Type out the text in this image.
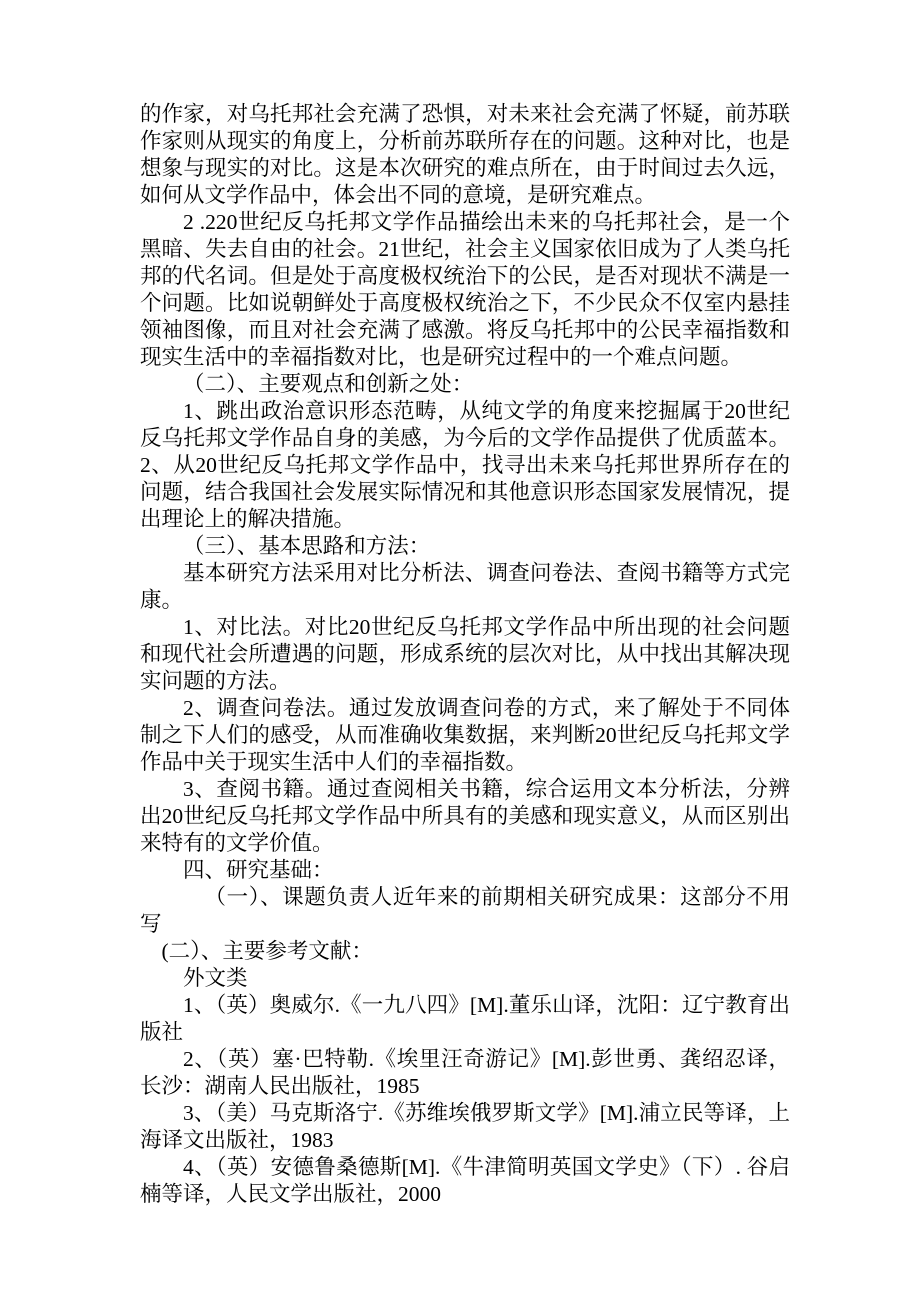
的作家，对乌托邦社会充满了恐惧，对未来社会充满了怀疑，前苏联作家则从现实的角度上，分析前苏联所存在的问题。这种对比，也是想象与现实的对比。这是本次研究的难点所在，由于时间过去久远，如何从文学作品中，体会出不同的意境，是研究难点。

2 .220世纪反乌托邦文学作品描绘出未来的乌托邦社会，是一个黑暗、失去自由的社会。21世纪，社会主义国家依旧成为了人类乌托邦的代名词。但是处于高度极权统治下的公民，是否对现状不满是一个问题。比如说朝鲜处于高度极权统治之下，不少民众不仅室内悬挂领袖图像，而且对社会充满了感激。将反乌托邦中的公民幸福指数和现实生活中的幸福指数对比，也是研究过程中的一个难点问题。

（二）、主要观点和创新之处：

1、跳出政治意识形态范畴，从纯文学的角度来挖掘属于20世纪反乌托邦文学作品自身的美感，为今后的文学作品提供了优质蓝本。2、从20世纪反乌托邦文学作品中，找寻出未来乌托邦世界所存在的问题，结合我国社会发展实际情况和其他意识形态国家发展情况，提出理论上的解决措施。

（三）、基本思路和方法：

基本研究方法采用对比分析法、调查问卷法、查阅书籍等方式完康。

1、对比法。对比20世纪反乌托邦文学作品中所出现的社会问题和现代社会所遭遇的问题，形成系统的层次对比，从中找出其解决现实问题的方法。

2、调查问卷法。通过发放调查问卷的方式，来了解处于不同体制之下人们的感受，从而准确收集数据，来判断20世纪反乌托邦文学作品中关于现实生活中人们的幸福指数。

3、查阅书籍。通过查阅相关书籍，综合运用文本分析法，分辨出20世纪反乌托邦文学作品中所具有的美感和现实意义，从而区别出来特有的文学价值。

四、研究基础：

（一）、课题负责人近年来的前期相关研究成果：这部分不用写

(二）、主要参考文献：

外文类

1、（英）奥威尔.《一九八四》[M].董乐山译，沈阳：辽宁教育出版社

2、（英）塞·巴特勒.《埃里汪奇游记》[M].彭世勇、龚绍忍译，长沙：湖南人民出版社，1985

3、（美）马克斯洛宁.《苏维埃俄罗斯文学》[M].浦立民等译，上海译文出版社，1983

4、（英）安德鲁桑德斯[M].《牛津简明英国文学史》（下）. 谷启楠等译，人民文学出版社，2000
